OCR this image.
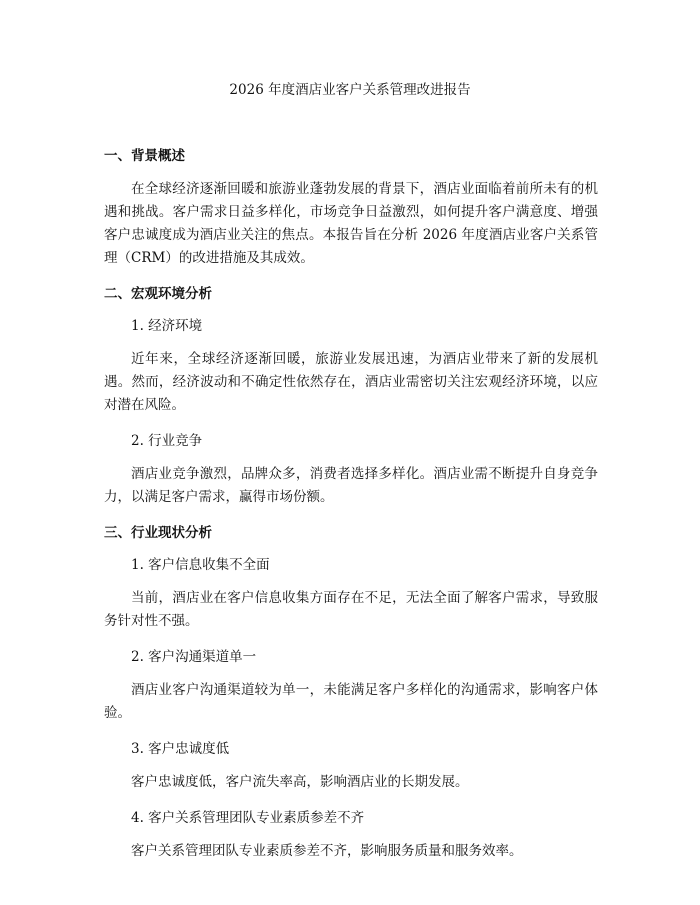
2026 年度酒店业客户关系管理改进报告
一、背景概述

在全球经济逐渐回暖和旅游业蓬勃发展的背景下，酒店业面临着前所未有的机遇和挑战。客户需求日益多样化，市场竞争日益激烈，如何提升客户满意度、增强客户忠诚度成为酒店业关注的焦点。本报告旨在分析 2026 年度酒店业客户关系管理（CRM）的改进措施及其成效。

二、宏观环境分析
1. 经济环境

近年来，全球经济逐渐回暖，旅游业发展迅速，为酒店业带来了新的发展机遇。然而，经济波动和不确定性依然存在，酒店业需密切关注宏观经济环境，以应对潜在风险。

2. 行业竞争

酒店业竞争激烈，品牌众多，消费者选择多样化。酒店业需不断提升自身竞争力，以满足客户需求，赢得市场份额。

三、行业现状分析
1. 客户信息收集不全面

当前，酒店业在客户信息收集方面存在不足，无法全面了解客户需求，导致服务针对性不强。

2. 客户沟通渠道单一

酒店业客户沟通渠道较为单一，未能满足客户多样化的沟通需求，影响客户体验。

3. 客户忠诚度低

客户忠诚度低，客户流失率高，影响酒店业的长期发展。

4. 客户关系管理团队专业素质参差不齐

客户关系管理团队专业素质参差不齐，影响服务质量和服务效率。
